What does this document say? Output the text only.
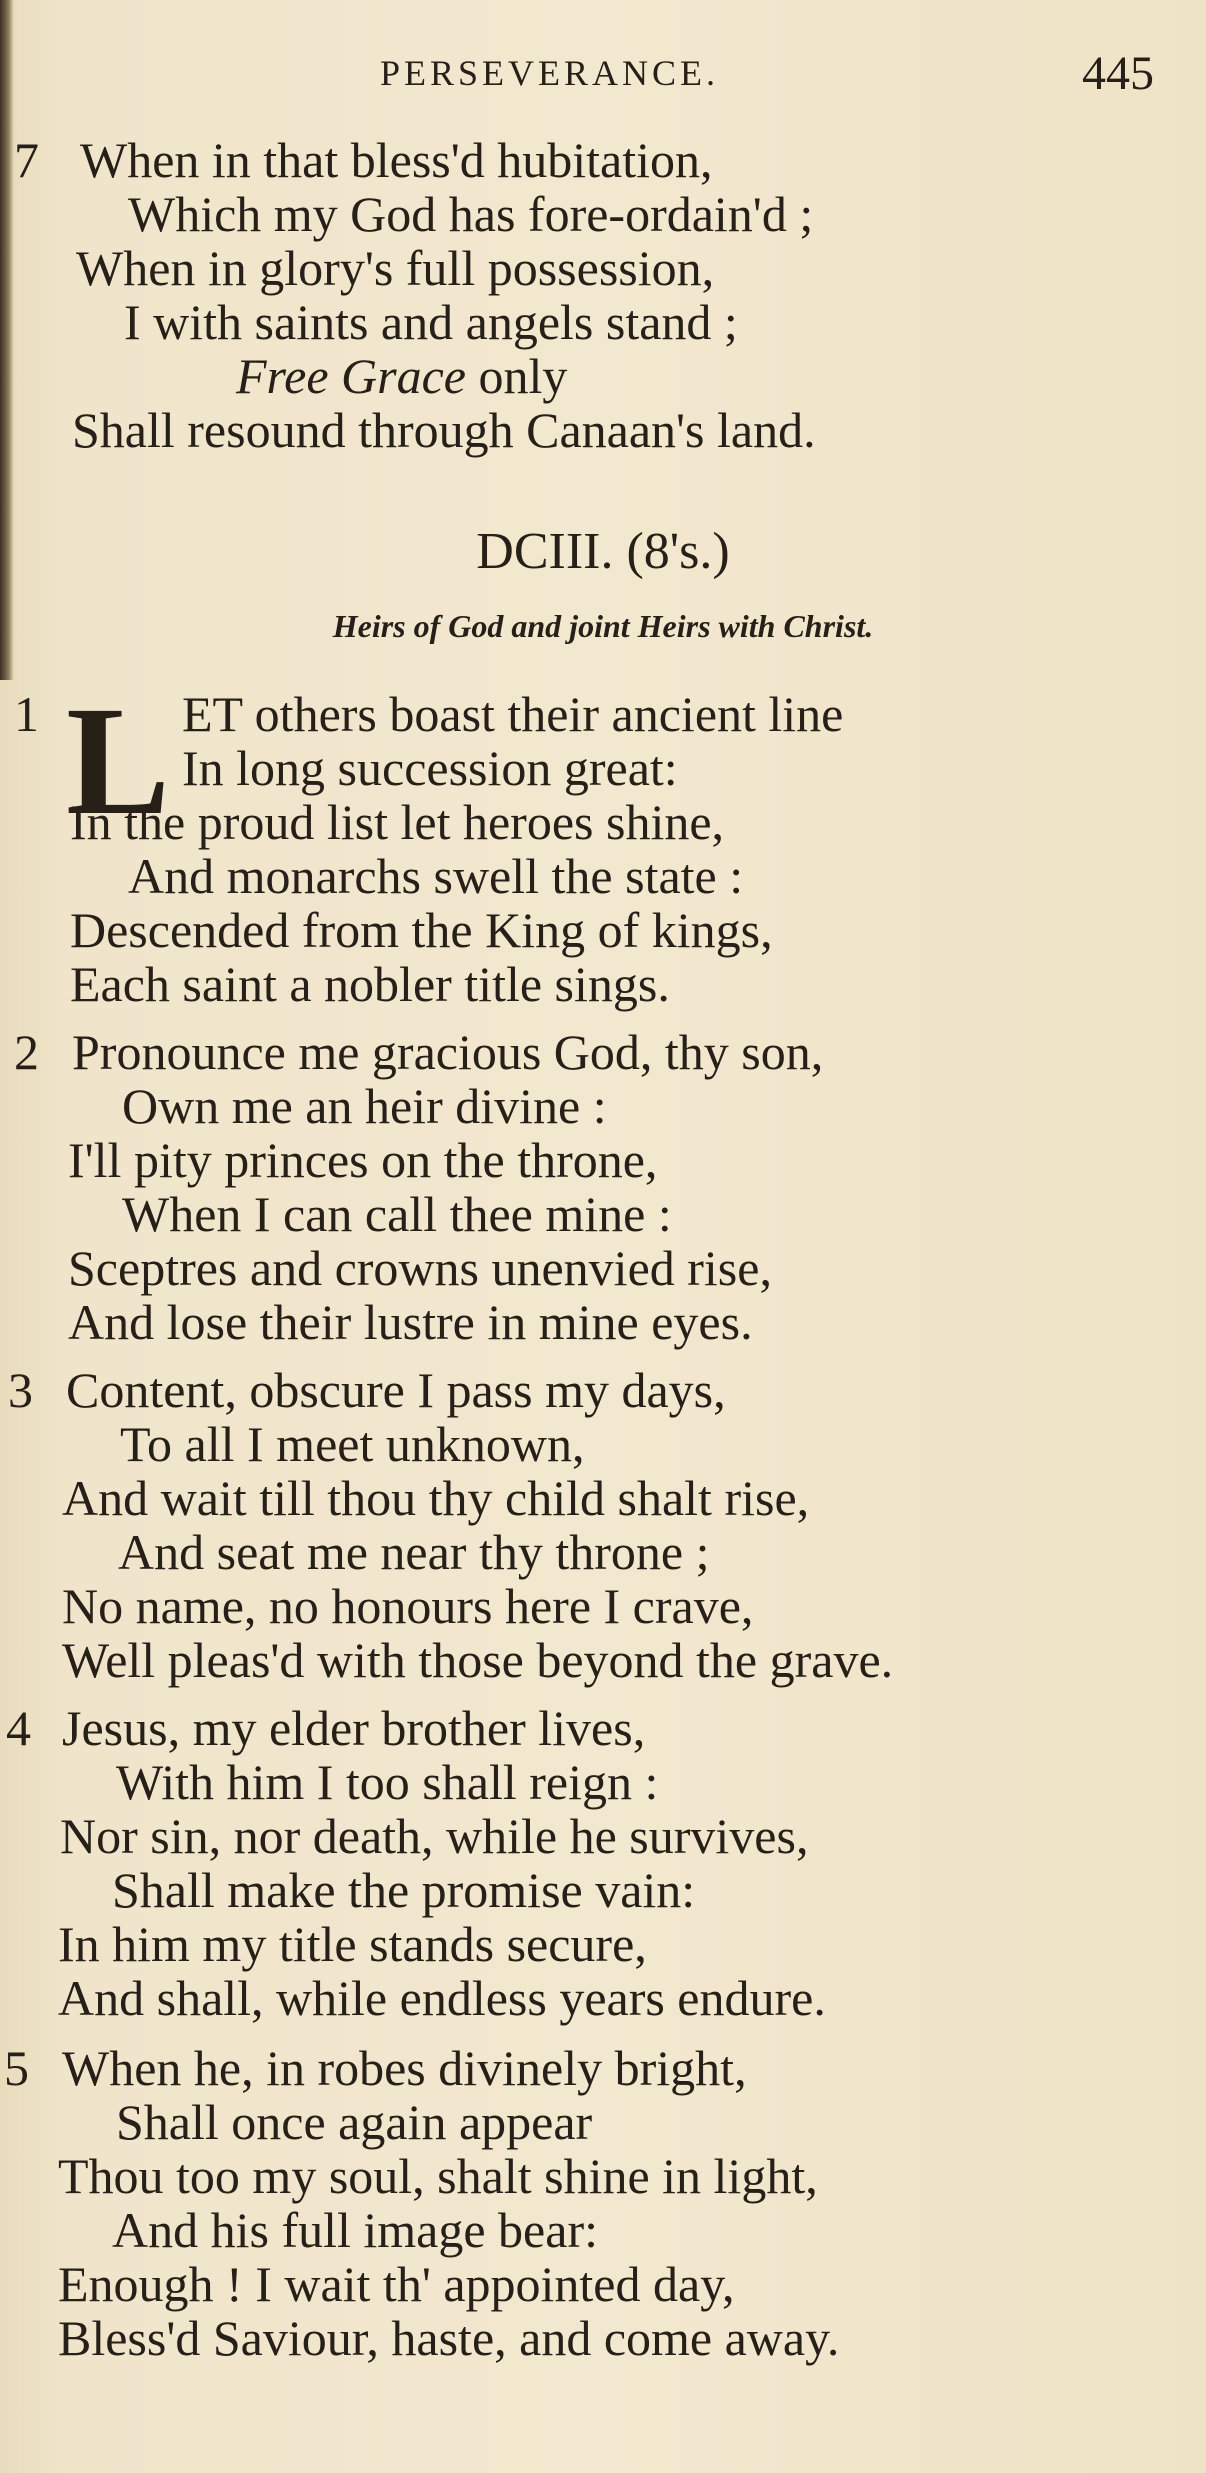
PERSEVERANCE.	445
7 When in that bless'd hubitation,
Which my God has fore-ordain'd ;
When in glory's full possession,
I with saints and angels stand ;
Free Grace only
Shall resound through Canaan's land.
DCIII. (8's.)
Heirs of God and joint Heirs with Christ.
1 L ET others boast their ancient line
In long succession great:
In the proud list let heroes shine,
And monarchs swell the state :
Descended from the King of kings,
Each saint a nobler title sings.
2 Pronounce me gracious God, thy son,
Own me an heir divine :
I'll pity princes on the throne,
When I can call thee mine :
Sceptres and crowns unenvied rise,
And lose their lustre in mine eyes.
3 Content, obscure I pass my days,
To all I meet unknown,
And wait till thou thy child shalt rise,
And seat me near thy throne ;
No name, no honours here I crave,
Well pleas'd with those beyond the grave.
4 Jesus, my elder brother lives,
With him I too shall reign :
Nor sin, nor death, while he survives,
Shall make the promise vain:
In him my title stands secure,
And shall, while endless years endure.
5 When he, in robes divinely bright,
Shall once again appear
Thou too my soul, shalt shine in light,
And his full image bear:
Enough ! I wait th' appointed day,
Bless'd Saviour, haste, and come away.
